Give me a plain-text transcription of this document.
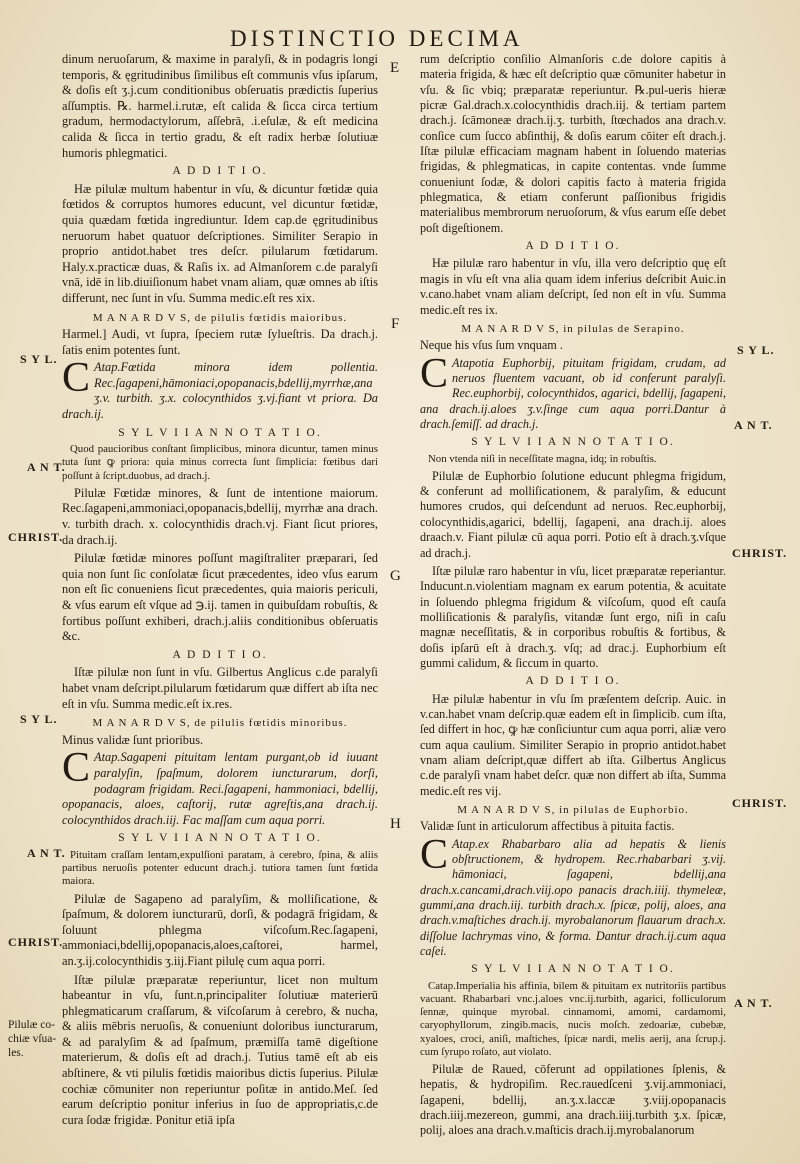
DISTINCTIO DECIMA

dinum neruoſarum, & maxime in paralyſi, & in podagris longi temporis, & ęgritudinibus ſimilibus eſt communis vſus ipſarum, & doſis eſt ʒ.j.cum conditionibus obſeruatis prædictis ſuperius aſſumptis. ℞. harmel.i.rutæ, eſt calida & ſicca circa tertium gradum, hermodactylorum, aſſebrā, .i.eſulæ, & eſt medicina calida & ſicca in tertio gradu, & eſt radix herbæ ſolutiuæ humoris phlegmatici.

A D D I T I O.

Hæ pilulæ multum habentur in vſu, & dicuntur fœtidæ quia fœtidos & corruptos humores educunt, vel dicuntur fœtidæ, quia quædam fœtida ingrediuntur. Idem cap.de ęgritudinibus neruorum habet quatuor deſcriptiones. Similiter Serapio in proprio antidot.habet tres deſcr. pilularum fœtidarum. Haly.x.practicæ duas, & Raſis ix. ad Almanſorem c.de paralyſi vnā, idē in lib.diuiſionum habet vnam aliam, quæ omnes ab iſtis differunt, nec ſunt in vſu. Summa medic.eſt res xix.

M A N A R D V S, de pilulis fœtidis maioribus.

Harmel.] Audi, vt ſupra, ſpeciem rutæ ſylueſtris. Da drach.j. ſatis enim potentes ſunt.

C Atap.Fœtida minora idem pollentia. Rec.ſagapeni,hāmoniaci,opopanacis,bdellij,myrrhæ,ana ʒ.v. turbith. ʒ.x. colocynthidos ʒ.vj.fiant vt priora. Da drach.ij.

S Y L V I I A N N O T A T I O.

Quod paucioribus conſtant ſimplicibus, minora dicuntur, tamen minus tuta ſunt ꝙ priora: quia minus correcta ſunt ſimplicia: fœtibus dari poſſunt à ſcript.duobus, ad drach.j.

Pilulæ Fœtidæ minores, & ſunt de intentione maiorum. Rec.ſagapeni,ammoniaci,opopanacis,bdellij, myrrhæ ana drach. v. turbith drach. x. colocynthidis drach.vj. Fiant ſicut priores, da drach.ij.

Pilulæ fœtidæ minores poſſunt magiſtraliter præparari, ſed quia non ſunt ſic conſolatæ ſicut præcedentes, ideo vſus earum non eſt ſic conueniens ſicut præcedentes, quia maioris periculi, & vſus earum eſt vſque ad ℈.ij. tamen in quibuſdam robuſtis, & fortibus poſſunt exhiberi, drach.j.aliis conditionibus obſeruatis &c.

A D D I T I O.

Iſtæ pilulæ non ſunt in vſu. Gilbertus Anglicus c.de paralyſi habet vnam deſcript.pilularum fœtidarum quæ differt ab iſta nec eſt in vſu. Summa medic.eſt ix.res.

M A N A R D V S, de pilulis fœtidis minoribus.

Minus validæ ſunt prioribus.

C Atap.Sagapeni pituitam lentam purgant,ob id iuuant paralyſin, ſpaſmum, dolorem iuncturarum, dorſi, podagram frigidam. Reci.ſagapeni, hammoniaci, bdellij, opopanacis, aloes, caſtorij, rutæ agreſtis,ana drach.ij. colocynthidos drach.iij. Fac maſſam cum aqua porri.

S Y L V I I A N N O T A T I O.

Pituitam craſſam lentam,expulſioni paratam, à cerebro, ſpina, & aliis partibus neruoſis potenter educunt drach.j. tutiora tamen ſunt fœtida maiora.

Pilulæ de Sagapeno ad paralyſim, & molliſicatione, & ſpaſmum, & dolorem iuncturarū, dorſi, & podagrā frigidam, & ſoluunt phlegma viſcoſum.Rec.ſagapeni, ammoniaci,bdellij,opopanacis,aloes,caſtorei, harmel, an.ʒ.ij.colocynthidis ʒ.iij.Fiant pilulę cum aqua porri.

Iſtæ pilulæ præparatæ reperiuntur, licet non multum habeantur in vſu, ſunt.n,principaliter ſolutiuæ materierū phlegmaticarum craſſarum, & viſcoſarum à cerebro, & nucha, & aliis mēbris neruoſis, & conueniunt doloribus iuncturarum, & ad paralyſim & ad ſpaſmum, præmiſſa tamē digeſtione materierum, & doſis eſt ad drach.j. Tutius tamē eſt ab eis abſtinere, & vti pilulis fœtidis maioribus dictis ſuperius. Pilulæ cochiæ cōmuniter non reperiuntur poſitæ in antido.Meſ. ſed earum deſcriptio ponitur inferius in ſuo de appropriatis,c.de cura ſodæ frigidæ. Ponitur etiā ipſa

rum deſcriptio conſilio Almanſoris c.de dolore capitis à materia frigida, & hæc eſt deſcriptio quæ cōmuniter habetur in vſu. & ſic vbiq; præparatæ reperiuntur. ℞.pul-ueris hieræ picræ Gal.drach.x.colocynthidis drach.iij. & tertiam partem drach.j. ſcāmoneæ drach.ij.ʒ. turbith, ſtœchados ana drach.v. conſice cum ſucco abſinthij, & doſis earum cōiter eſt drach.j. Iſtæ pilulæ efficaciam magnam habent in ſoluendo materias frigidas, & phlegmaticas, in capite contentas. vnde ſumme conueniunt ſodæ, & dolori capitis facto à materia frigida phlegmatica, & etiam conferunt paſſionibus frigidis materialibus membrorum neruoſorum, & vſus earum eſſe debet poſt digeſtionem.

A D D I T I O.

Hæ pilulæ raro habentur in vſu, illa vero deſcriptio quę eſt magis in vſu eſt vna alia quam idem inferius deſcribit Auic.in v.cano.habet vnam aliam deſcript, ſed non eſt in vſu. Summa medic.eſt res ix.

M A N A R D V S, in pilulas de Serapino.

Neque his vſus ſum vnquam .

C Atapotia Euphorbij, pituitam frigidam, crudam, ad neruos fluentem vacuant, ob id conferunt paralyſi. Rec.euphorbij, colocynthidos, agarici, bdellij, ſagapeni, ana drach.ij.aloes ʒ.v.ſinge cum aqua porri.Dantur à drach.ſemiſſ. ad drach.j.

S Y L V I I A N N O T A T I O.

Non vtenda niſi in neceſſitate magna, idq; in robuſtis.

Pilulæ de Euphorbio ſolutione educunt phlegma frigidum, & conferunt ad molliſicationem, & paralyſim, & educunt humores crudos, qui deſcendunt ad neruos. Rec.euphorbij, colocynthidis,agarici, bdellij, ſagapeni, ana drach.ij. aloes draach.v. Fiant pilulæ cū aqua porri. Potio eſt à drach.ʒ.vſque ad drach.j.

Iſtæ pilulæ raro habentur in vſu, licet præparatæ reperiantur. Inducunt.n.violentiam magnam ex earum potentia, & acuitate in ſoluendo phlegma frigidum & viſcoſum, quod eſt cauſa molliſicationis & paralyſis, vitandæ ſunt ergo, niſi in caſu magnæ neceſſitatis, & in corporibus robuſtis & fortibus, & doſis ipſarū eſt à drach.ʒ. vſq; ad drac.j. Euphorbium eſt gummi calidum, & ſiccum in quarto.

A D D I T I O.

Hæ pilulæ habentur in vſu ſm præſentem deſcrip. Auic. in v.can.habet vnam deſcrip.quæ eadem eſt in ſimplicib. cum iſta, ſed differt in hoc, ꝙ hæ conſiciuntur cum aqua porri, aliæ vero cum aqua caulium. Similiter Serapio in proprio antidot.habet vnam aliam deſcript,quæ differt ab iſta. Gilbertus Anglicus c.de paralyſi vnam habet deſcr. quæ non differt ab iſta, Summa medic.eſt res vij.

M A N A R D V S, in pilulas de Euphorbio.

Validæ ſunt in articulorum affectibus à pituita factis.

C Atap.ex Rhabarbaro alia ad hepatis & lienis obſtructionem, & hydropem. Rec.rhabarbari ʒ.vij. hāmoniaci, ſagapeni, bdellij,ana drach.x.cancami,drach.viij.opo panacis drach.iiij. thymeleæ, gummi,ana drach.iij. turbith drach.x. ſpicæ, polij, aloes, ana drach.v.maſtiches drach.ij. myrobalanorum flauarum drach.x. diſſolue lachrymas vino, & forma. Dantur drach.ij.cum aqua caſei.

S Y L V I I A N N O T A T I O.

Catap.Imperialia his affinia, bilem & pituitam ex nutritoriis partibus vacuant. Rhabarbari vnc.j.aloes vnc.ij.turbith, agarici, folliculorum ſennæ, quinque myrobal. cinnamomi, amomi, cardamomi, caryophyllorum, zingib.macis, nucis moſch. zedoariæ, cubebæ, xyaloes, croci, aniſi, maſtiches, ſpicæ nardi, melis aerij, ana ſcrup.j. cum ſyrupo roſato, aut violato.

Pilulæ de Raued, cōferunt ad oppilationes ſplenis, & hepatis, & hydropiſim. Rec.rauedſceni ʒ.vij.ammoniaci, ſagapeni, bdellij, an.ʒ.x.laccæ ʒ.viij.opopanacis drach.iiij.mezereon, gummi, ana drach.iiij.turbith ʒ.x. ſpicæ, polij, aloes ana drach.v.maſticis drach.ij.myrobalanorum

E
F
G
H
S Y L.
A N T.
CHRIST.
S Y L.
A N T.
CHRIST.
Pilulæ co- chiæ vſua- les.
S Y L.
A N T.
CHRIST.
CHRIST.
A N T.
